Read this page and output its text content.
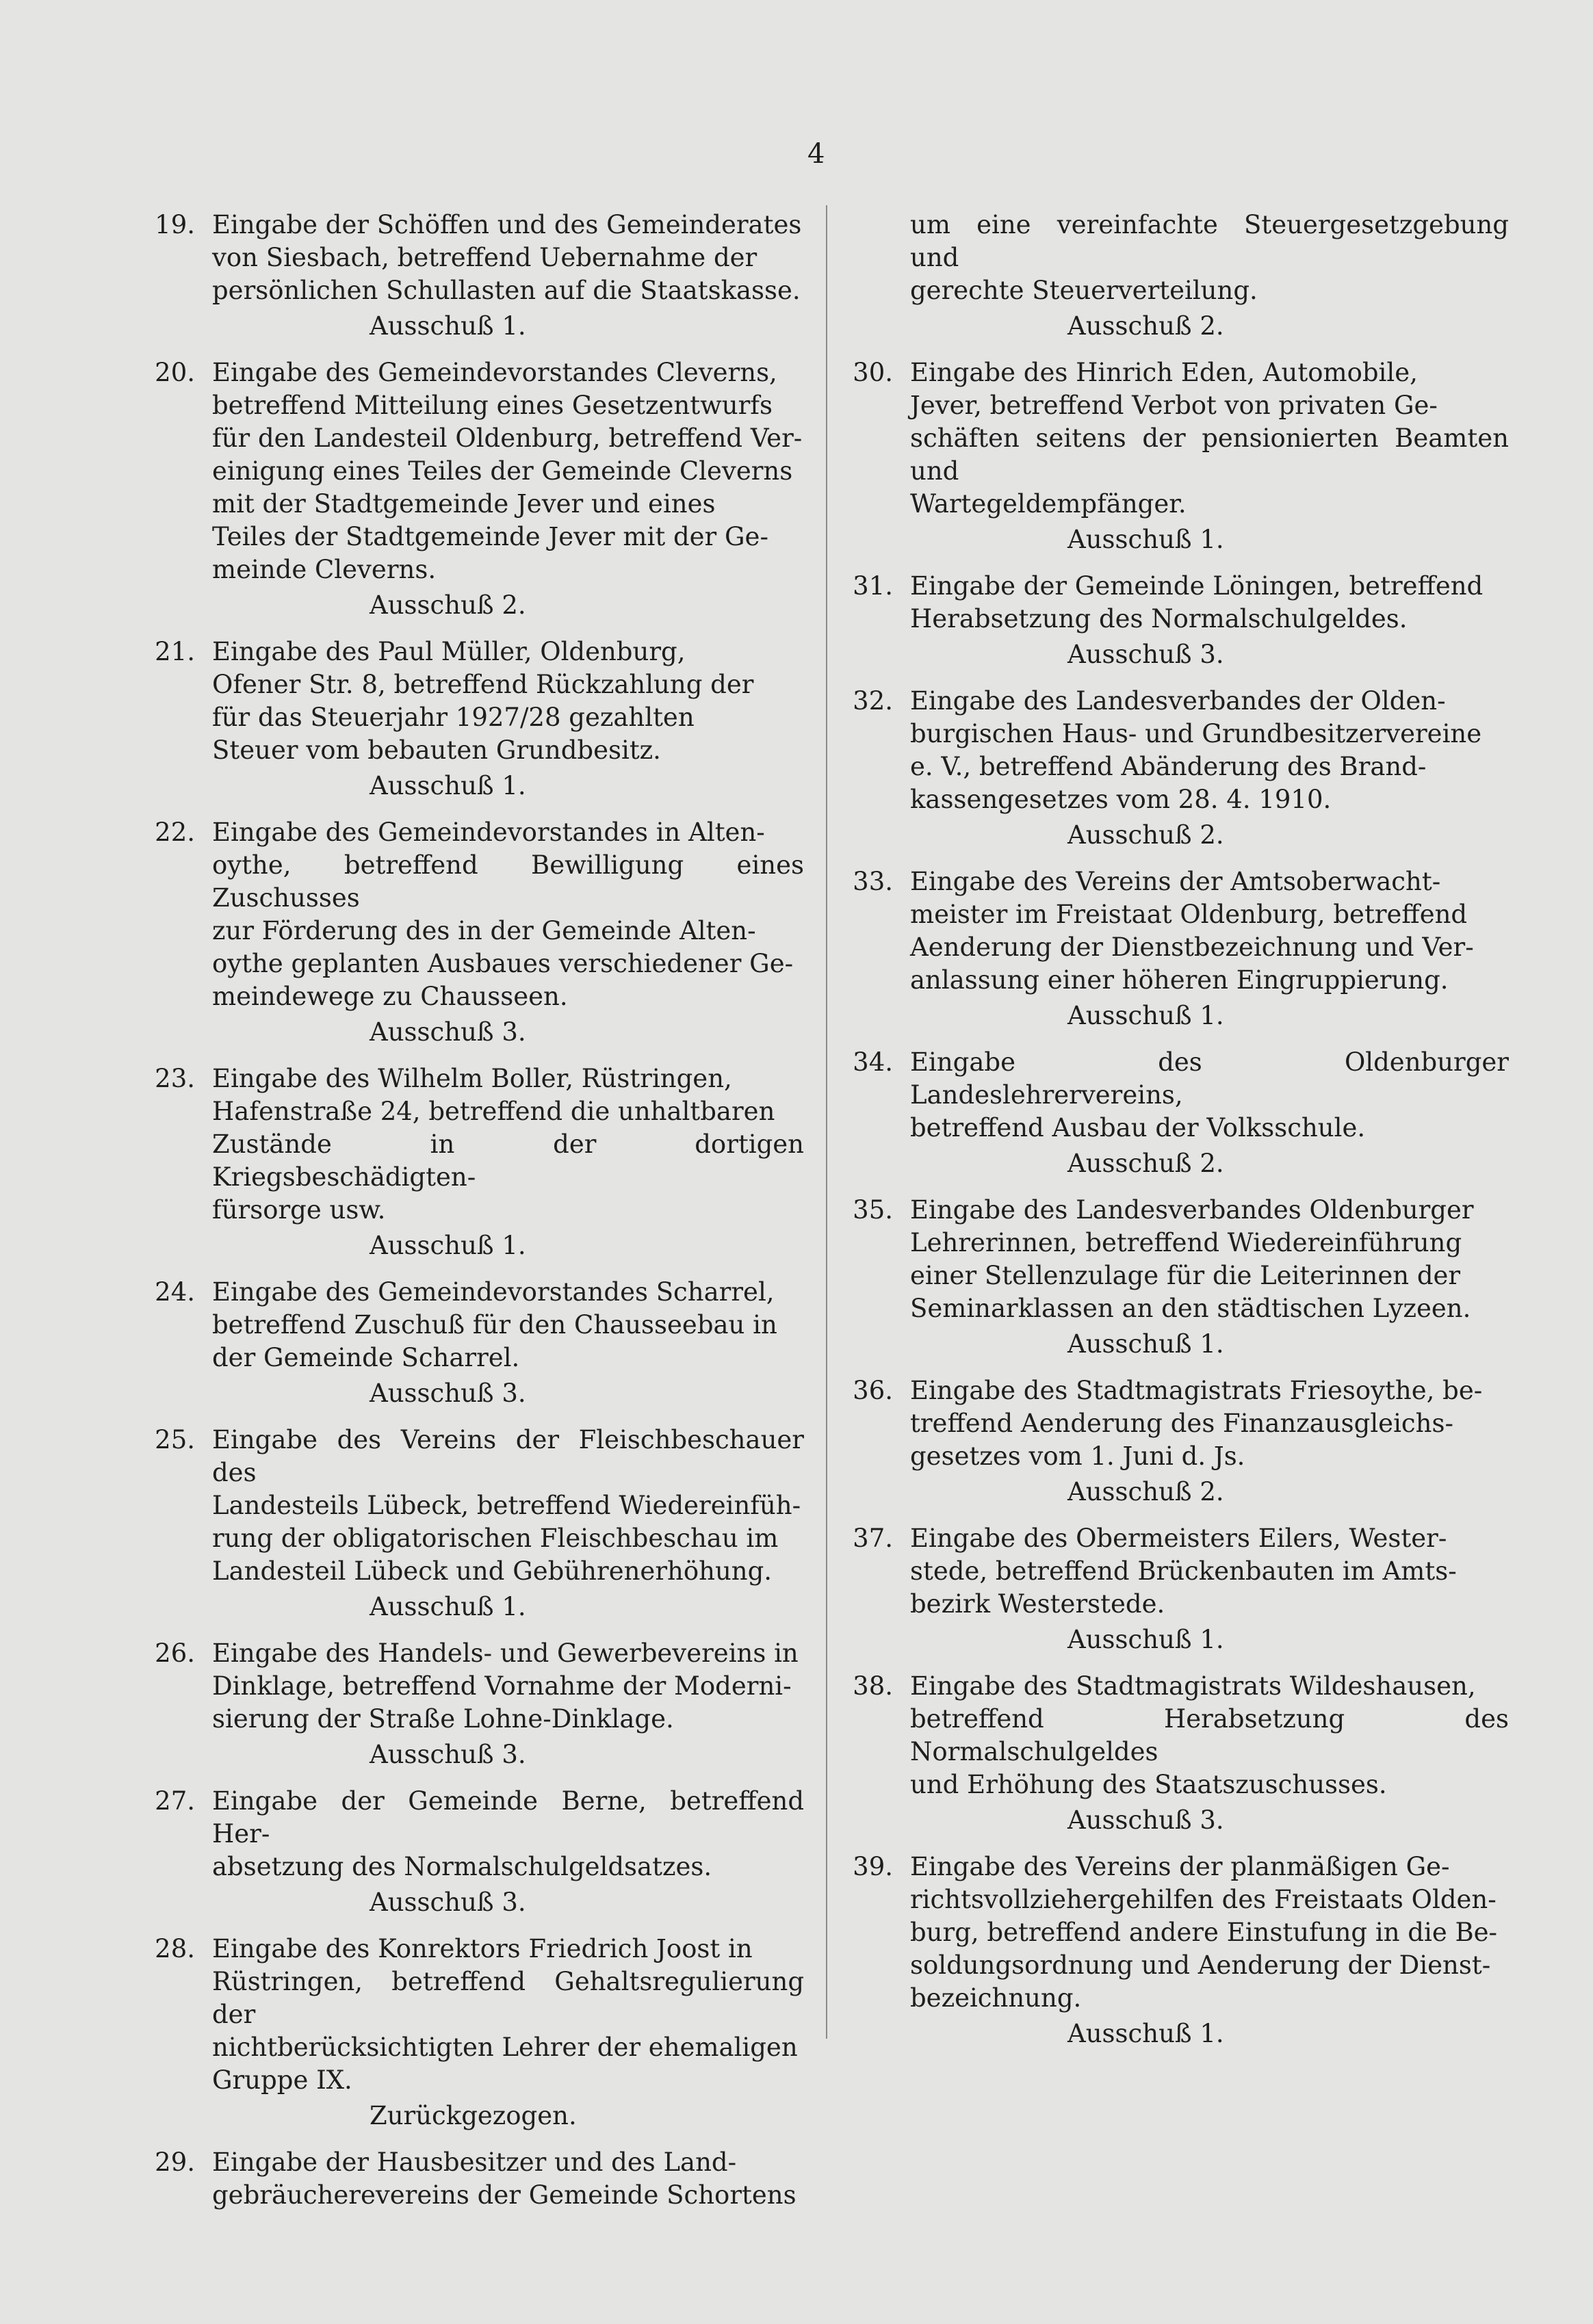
4
19. Eingabe der Schöffen und des Gemeinderates
von Siesbach, betreffend Uebernahme der
persönlichen Schullasten auf die Staatskasse.
Ausschuß 1.
20. Eingabe des Gemeindevorstandes Cleverns,
betreffend Mitteilung eines Gesetzentwurfs
für den Landesteil Oldenburg, betreffend Ver-
einigung eines Teiles der Gemeinde Cleverns
mit der Stadtgemeinde Jever und eines
Teiles der Stadtgemeinde Jever mit der Ge-
meinde Cleverns.
Ausschuß 2.
21. Eingabe des Paul Müller, Oldenburg,
Ofener Str. 8, betreffend Rückzahlung der
für das Steuerjahr 1927/28 gezahlten
Steuer vom bebauten Grundbesitz.
Ausschuß 1.
22. Eingabe des Gemeindevorstandes in Alten-
oythe, betreffend Bewilligung eines Zuschusses
zur Förderung des in der Gemeinde Alten-
oythe geplanten Ausbaues verschiedener Ge-
meindewege zu Chausseen.
Ausschuß 3.
23. Eingabe des Wilhelm Boller, Rüstringen,
Hafenstraße 24, betreffend die unhaltbaren
Zustände in der dortigen Kriegsbeschädigten-
fürsorge usw.
Ausschuß 1.
24. Eingabe des Gemeindevorstandes Scharrel,
betreffend Zuschuß für den Chausseebau in
der Gemeinde Scharrel.
Ausschuß 3.
25. Eingabe des Vereins der Fleischbeschauer des
Landesteils Lübeck, betreffend Wiedereinfüh-
rung der obligatorischen Fleischbeschau im
Landesteil Lübeck und Gebührenerhöhung.
Ausschuß 1.
26. Eingabe des Handels- und Gewerbevereins in
Dinklage, betreffend Vornahme der Moderni-
sierung der Straße Lohne-Dinklage.
Ausschuß 3.
27. Eingabe der Gemeinde Berne, betreffend Her-
absetzung des Normalschulgeldsatzes.
Ausschuß 3.
28. Eingabe des Konrektors Friedrich Joost in
Rüstringen, betreffend Gehaltsregulierung der
nichtberücksichtigten Lehrer der ehemaligen
Gruppe IX.
Zurückgezogen.
29. Eingabe der Hausbesitzer und des Land-
gebräucherevereins der Gemeinde Schortens
um eine vereinfachte Steuergesetzgebung und
gerechte Steuerverteilung.
Ausschuß 2.
30. Eingabe des Hinrich Eden, Automobile,
Jever, betreffend Verbot von privaten Ge-
schäften seitens der pensionierten Beamten und
Wartegeldempfänger.
Ausschuß 1.
31. Eingabe der Gemeinde Löningen, betreffend
Herabsetzung des Normalschulgeldes.
Ausschuß 3.
32. Eingabe des Landesverbandes der Olden-
burgischen Haus- und Grundbesitzervereine
e. V., betreffend Abänderung des Brand-
kassengesetzes vom 28. 4. 1910.
Ausschuß 2.
33. Eingabe des Vereins der Amtsoberwacht-
meister im Freistaat Oldenburg, betreffend
Aenderung der Dienstbezeichnung und Ver-
anlassung einer höheren Eingruppierung.
Ausschuß 1.
34. Eingabe des Oldenburger Landeslehrervereins,
betreffend Ausbau der Volksschule.
Ausschuß 2.
35. Eingabe des Landesverbandes Oldenburger
Lehrerinnen, betreffend Wiedereinführung
einer Stellenzulage für die Leiterinnen der
Seminarklassen an den städtischen Lyzeen.
Ausschuß 1.
36. Eingabe des Stadtmagistrats Friesoythe, be-
treffend Aenderung des Finanzausgleichs-
gesetzes vom 1. Juni d. Js.
Ausschuß 2.
37. Eingabe des Obermeisters Eilers, Wester-
stede, betreffend Brückenbauten im Amts-
bezirk Westerstede.
Ausschuß 1.
38. Eingabe des Stadtmagistrats Wildeshausen,
betreffend Herabsetzung des Normalschulgeldes
und Erhöhung des Staatszuschusses.
Ausschuß 3.
39. Eingabe des Vereins der planmäßigen Ge-
richtsvollziehergehilfen des Freistaats Olden-
burg, betreffend andere Einstufung in die Be-
soldungsordnung und Aenderung der Dienst-
bezeichnung.
Ausschuß 1.
